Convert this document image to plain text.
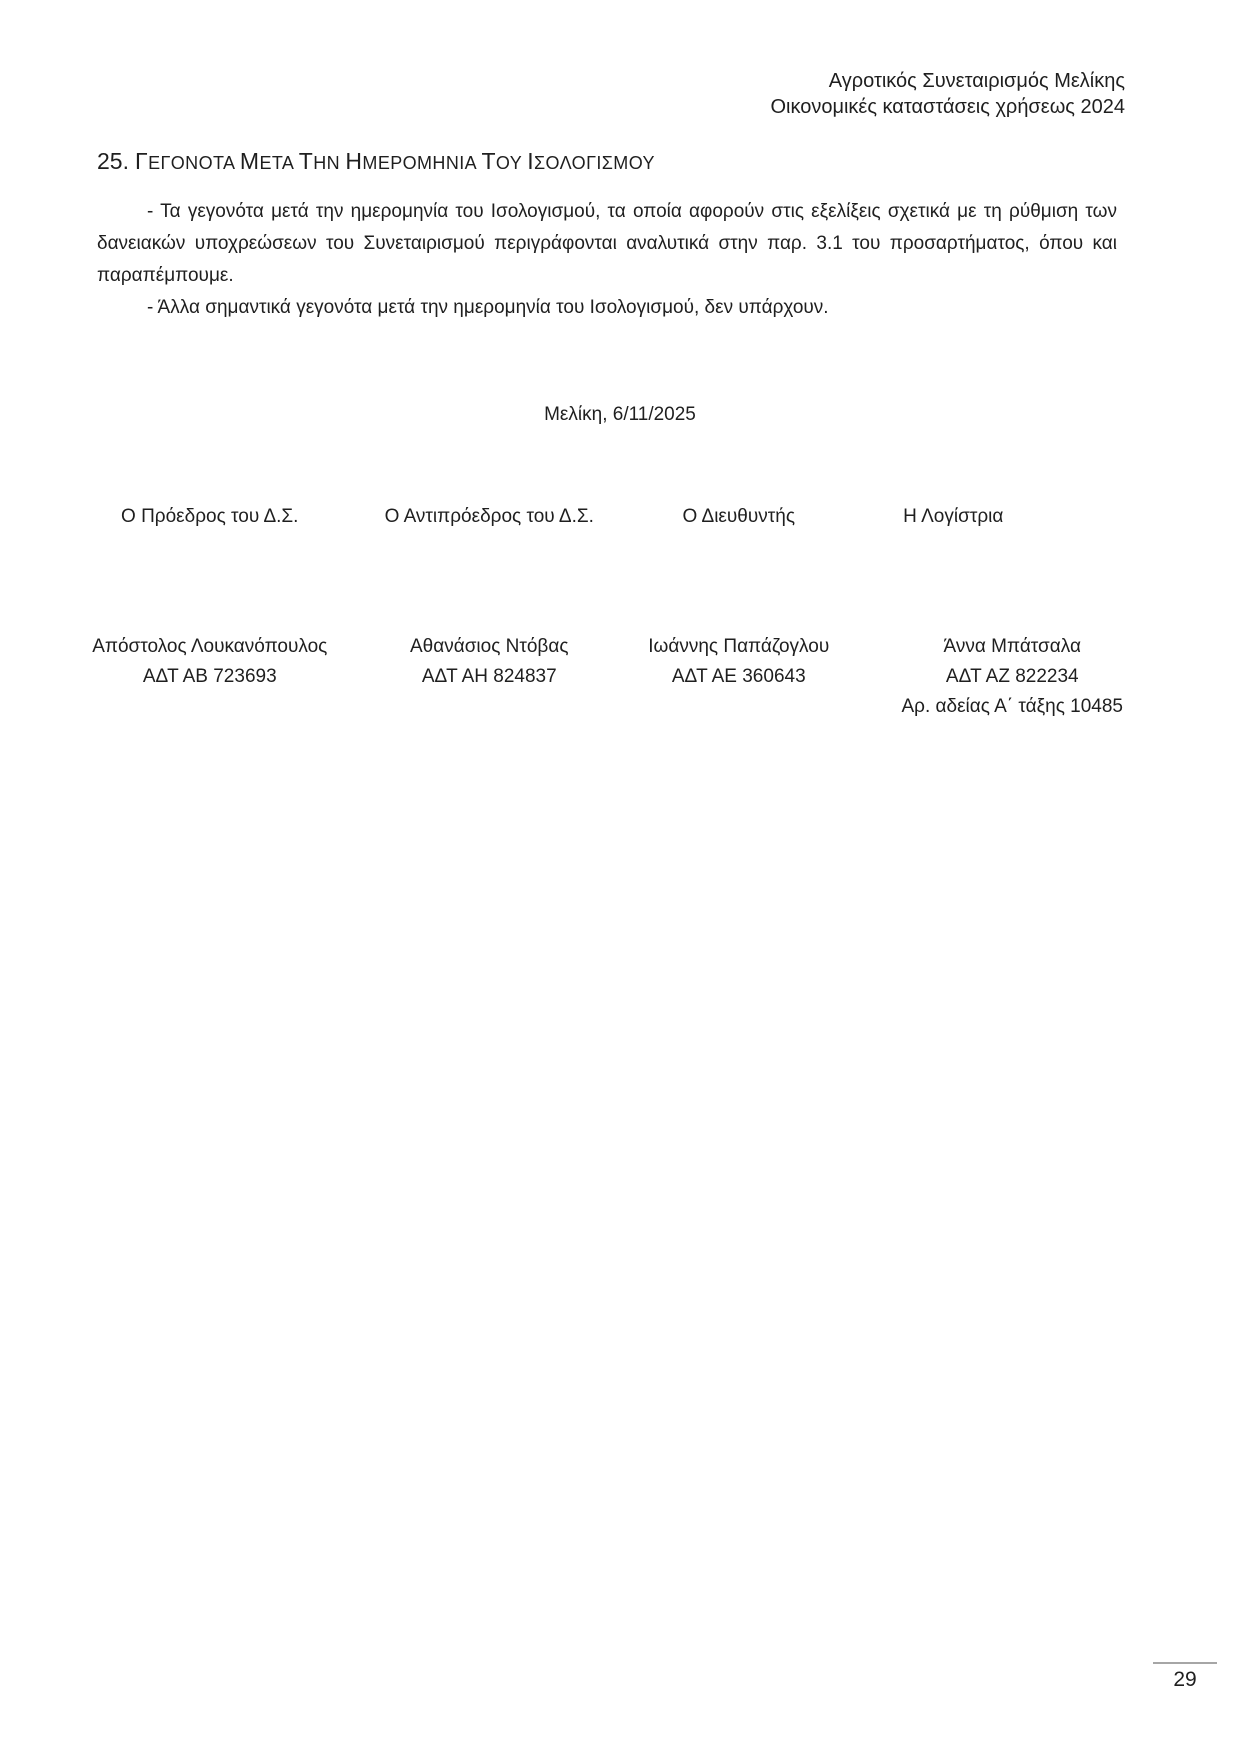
Αγροτικός Συνεταιρισμός Μελίκης
Οικονομικές καταστάσεις χρήσεως 2024
25. ΓΕΓΟΝΟΤΑ ΜΕΤΑ ΤΗΝ ΗΜΕΡΟΜΗΝΙΑ ΤΟΥ ΙΣΟΛΟΓΙΣΜΟΥ

- Τα γεγονότα μετά την ημερομηνία του Ισολογισμού, τα οποία αφορούν στις εξελίξεις σχετικά με τη ρύθμιση των δανειακών υποχρεώσεων του Συνεταιρισμού περιγράφονται αναλυτικά στην παρ. 3.1 του προσαρτήματος, όπου και παραπέμπουμε.

- Άλλα σημαντικά γεγονότα μετά την ημερομηνία του Ισολογισμού, δεν υπάρχουν.

Μελίκη, 6/11/2025
Ο Πρόεδρος του Δ.Σ.
Απόστολος Λουκανόπουλος
ΑΔΤ ΑΒ 723693
Ο Αντιπρόεδρος του Δ.Σ.
Αθανάσιος Ντόβας
ΑΔΤ ΑΗ 824837
Ο Διευθυντής
Ιωάννης Παπάζογλου
ΑΔΤ ΑΕ 360643
Η Λογίστρια
Άννα Μπάτσαλα
ΑΔΤ ΑΖ 822234
Αρ. αδείας Α΄ τάξης 10485
29
